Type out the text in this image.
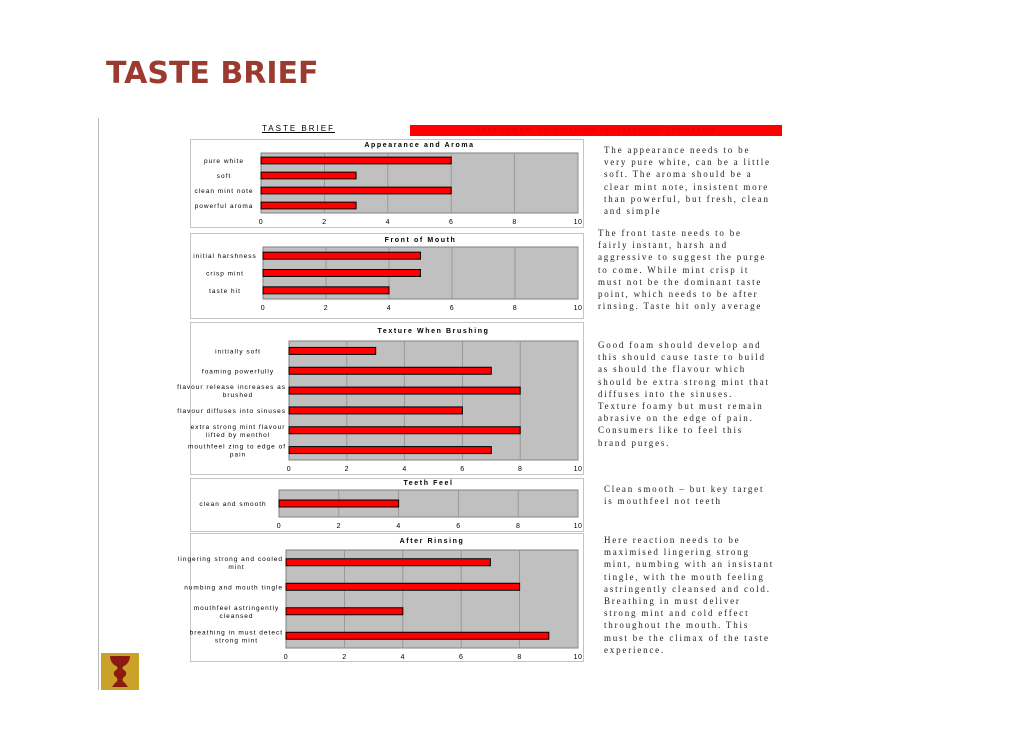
TASTE BRIEF
TASTE BRIEF	Development Formulations for Freshmint Toothpaste
Appearance and Aroma
0	2	4	6	8	10
pure white
soft
clean mint note
powerful aroma
Front of Mouth
0	2	4	6	8	10
initial harshness
crisp mint
taste hit
Texture When Brushing
0	2	4	6	8	10
initially soft
foaming powerfully
flavour release increases as
brushed
flavour diffuses into sinuses
extra strong mint flavour
lifted by menthol
mouthfeel zing to edge of
pain
Teeth Feel
0	2	4	6	8	10
clean and smooth
After Rinsing
0	2	4	6	8	10
lingering strong and cooled
mint
numbing and mouth tingle
mouthfeel astringently
cleansed
breathing in must detect
strong mint

The appearance needs to be very pure white, can be a little soft. The aroma should be a clear mint note, insistent more than powerful, but fresh, clean and simple

The front taste needs to be fairly instant, harsh and aggressive to suggest the purge to come. While mint crisp it must not be the dominant taste point, which needs to be after rinsing. Taste hit only average

Good foam should develop and this should cause taste to build as should the flavour which should be extra strong mint that diffuses into the sinuses. Texture foamy but must remain abrasive on the edge of pain. Consumers like to feel this brand purges.

Clean smooth – but key target is mouthfeel not teeth

Here reaction needs to be maximised lingering strong mint, numbing with an insistant tingle, with the mouth feeling astringently cleansed and cold. Breathing in must deliver strong mint and cold effect throughout the mouth. This must be the climax of the taste experience.
